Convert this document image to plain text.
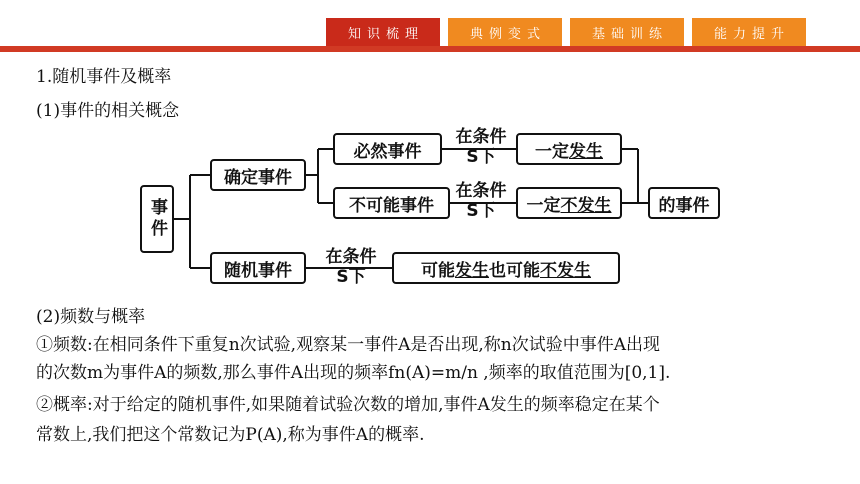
知识梳理	典例变式	基础训练	能力提升
1.随机事件及概率
(1)事件的相关概念
事件
确定事件
随机事件
必然事件
不可能事件
在条件
S下
在条件
S下
在条件
S下
一定 发生
一定 不发生	的事件
可能 发生 也可能 不发生
(2)频数与概率
①频数:在相同条件下重复n次试验,观察某一事件A是否出现,称n次试验中事件A出现
的次数m为事件A的频数,那么事件A出现的频率fn(A)=m/n ,频率的取值范围为[0,1].
②概率:对于给定的随机事件,如果随着试验次数的增加,事件A发生的频率稳定在某个
常数上,我们把这个常数记为P(A),称为事件A的概率.
